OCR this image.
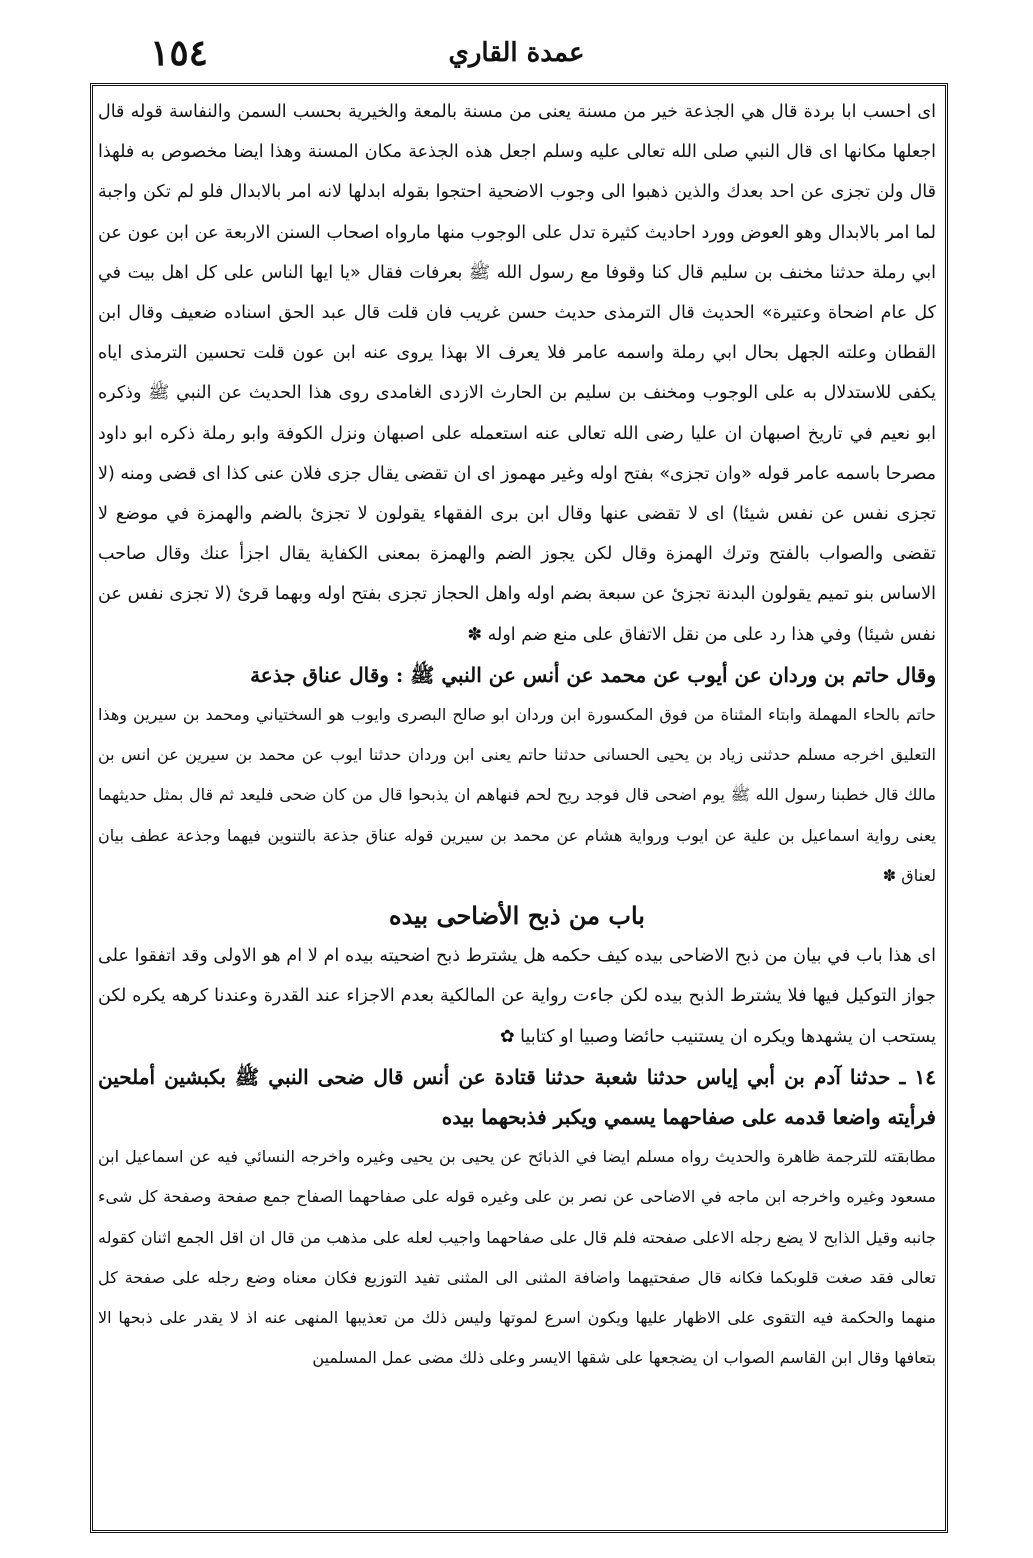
١٥٤	عمدة القاري

اى احسب ابا بردة قال هي الجذعة خير من مسنة يعنى من مسنة بالمعة والخيرية بحسب السمن والنفاسة قوله قال اجعلها مكانها اى قال النبي صلى الله تعالى عليه وسلم اجعل هذه الجذعة مكان المسنة وهذا ايضا مخصوص به فلهذا قال ولن تجزى عن احد بعدك والذين ذهبوا الى وجوب الاضحية احتجوا بقوله ابدلها لانه امر بالابدال فلو لم تكن واجبة لما امر بالابدال وهو العوض وورد احاديث كثيرة تدل على الوجوب منها مارواه اصحاب السنن الاربعة عن ابن عون عن ابي رملة حدثنا مخنف بن سليم قال كنا وقوفا مع رسول الله ﷺ بعرفات فقال «يا ايها الناس على كل اهل بيت في كل عام اضحاة وعتيرة» الحديث قال الترمذى حديث حسن غريب فان قلت قال عبد الحق اسناده ضعيف وقال ابن القطان وعلته الجهل بحال ابي رملة واسمه عامر فلا يعرف الا بهذا يروى عنه ابن عون قلت تحسين الترمذى اياه يكفى للاستدلال به على الوجوب ومخنف بن سليم بن الحارث الازدى الغامدى روى هذا الحديث عن النبي ﷺ وذكره ابو نعيم في تاريخ اصبهان ان عليا رضى الله تعالى عنه استعمله على اصبهان ونزل الكوفة وابو رملة ذكره ابو داود مصرحا باسمه عامر قوله «وان تجزى» بفتح اوله وغير مهموز اى ان تقضى يقال جزى فلان عنى كذا اى قضى ومنه (لا تجزى نفس عن نفس شيئا) اى لا تقضى عنها وقال ابن برى الفقهاء يقولون لا تجزئ بالضم والهمزة في موضع لا تقضى والصواب بالفتح وترك الهمزة وقال لكن يجوز الضم والهمزة بمعنى الكفاية يقال اجزأ عنك وقال صاحب الاساس بنو تميم يقولون البدنة تجزئ عن سبعة بضم اوله واهل الحجاز تجزى بفتح اوله وبهما قرئ (لا تجزى نفس عن نفس شيئا) وفي هذا رد على من نقل الاتفاق على منع ضم اوله ✽

وقال حاتم بن وردان عن أيوب عن محمد عن أنس عن النبي ﷺ : وقال عناق جذعة

حاتم بالحاء المهملة وابتاء المثناة من فوق المكسورة ابن وردان ابو صالح البصرى وايوب هو السختياني ومحمد بن سيرين وهذا التعليق اخرجه مسلم حدثنى زياد بن يحيى الحسانى حدثنا حاتم يعنى ابن وردان حدثنا ايوب عن محمد بن سيرين عن انس بن مالك قال خطبنا رسول الله ﷺ يوم اضحى قال فوجد ريح لحم فنهاهم ان يذبحوا قال من كان ضحى فليعد ثم قال بمثل حديثهما يعنى رواية اسماعيل بن علية عن ايوب ورواية هشام عن محمد بن سيرين قوله عناق جذعة بالتنوين فيهما وجذعة عطف بيان لعناق ✽

باب من ذبح الأضاحى بيده

اى هذا باب في بيان من ذبح الاضاحى بيده كيف حكمه هل يشترط ذبح اضحيته بيده ام لا ام هو الاولى وقد اتفقوا على جواز التوكيل فيها فلا يشترط الذبح بيده لكن جاءت رواية عن المالكية بعدم الاجزاء عند القدرة وعندنا كرهه يكره لكن يستحب ان يشهدها ويكره ان يستنيب حائضا وصبيا او كتابيا ✿

١٤ ـ حدثنا آدم بن أبي إياس حدثنا شعبة حدثنا قتادة عن أنس قال ضحى النبي ﷺ بكبشين أملحين فرأيته واضعا قدمه على صفاحهما يسمي ويكبر فذبحهما بيده

مطابقته للترجمة ظاهرة والحديث رواه مسلم ايضا في الذبائح عن يحيى بن يحيى وغيره واخرجه النسائي فيه عن اسماعيل ابن مسعود وغيره واخرجه ابن ماجه في الاضاحى عن نصر بن على وغيره قوله على صفاحهما الصفاح جمع صفحة وصفحة كل شىء جانبه وقيل الذابح لا يضع رجله الاعلى صفحته فلم قال على صفاحهما واجيب لعله على مذهب من قال ان اقل الجمع اثنان كقوله تعالى فقد صغت قلوبكما فكانه قال صفحتيهما واضافة المثنى الى المثنى تفيد التوزيع فكان معناه وضع رجله على صفحة كل منهما والحكمة فيه التقوى على الاظهار عليها ويكون اسرع لموتها وليس ذلك من تعذيبها المنهى عنه اذ لا يقدر على ذبحها الا بتعافها وقال ابن القاسم الصواب ان يضجعها على شقها الايسر وعلى ذلك مضى عمل المسلمين
